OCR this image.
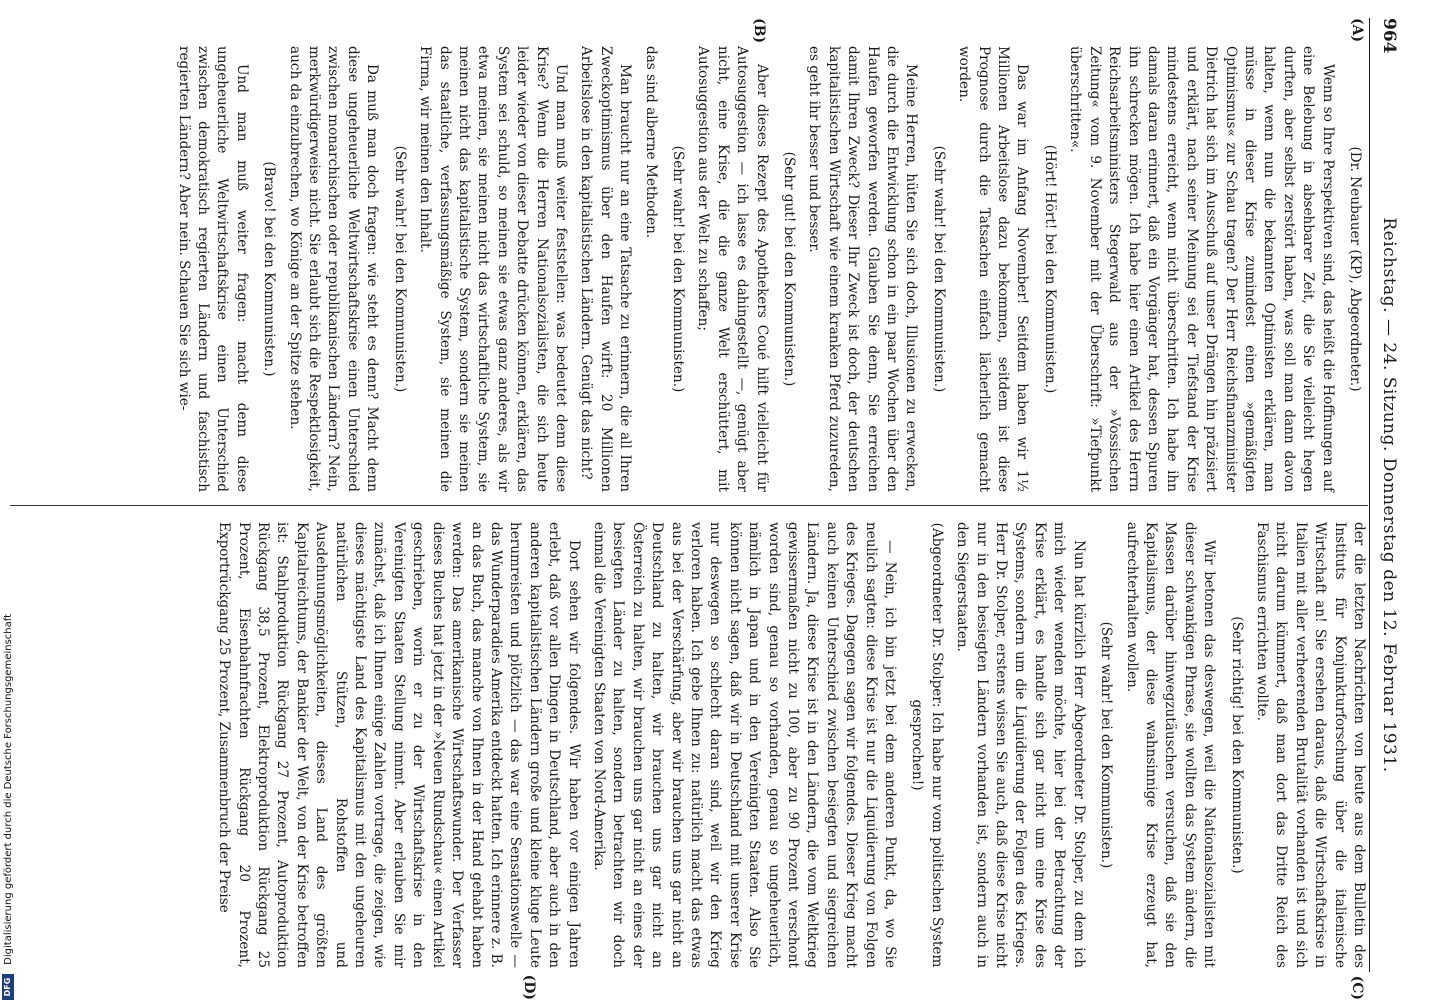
964
Reichstag. — 24. Sitzung. Donnerstag den 12. Februar 1931.
(A)
(B)

(Dr. Neubauer (KP), Abgeordneter.)

Wenn so Ihre Perspektiven sind, das heißt die Hoffnungen auf eine Belebung in absehbarer Zeit, die Sie vielleicht hegen durften, aber selbst zerstört haben, was soll man dann davon halten, wenn nun die bekannten Optimisten erklären, man müsse in dieser Krise zumindest einen »gemäßigten Optimismus« zur Schau tragen? Der Herr Reichsfinanzminister Dietrich hat sich im Ausschuß auf unser Drängen hin präzisiert und erklärt, nach seiner Meinung sei der Tiefstand der Krise mindestens erreicht, wenn nicht überschritten. Ich habe ihn damals daran erinnert, daß ein Vorgänger hat, dessen Spuren ihn schrecken mögen. Ich habe hier einen Artikel des Herrn Reichsarbeitsministers Stegerwald aus der »Vossischen Zeitung« vom 9. November mit der Überschrift: »Tiefpunkt überschritten«.

(Hört! Hört! bei den Kommunisten.)

Das war im Anfang November! Seitdem haben wir 1½ Millionen Arbeitslose dazu bekommen, seitdem ist diese Prognose durch die Tatsachen einfach lächerlich gemacht worden.

(Sehr wahr! bei den Kommunisten.)

Meine Herren, hüten Sie sich doch, Illusionen zu erwecken, die durch die Entwicklung schon in ein paar Wochen über den Haufen geworfen werden. Glauben Sie denn, Sie erreichen damit Ihren Zweck? Dieser Ihr Zweck ist doch, der deutschen kapitalistischen Wirtschaft wie einem kranken Pferd zuzureden, es geht ihr besser und besser.

(Sehr gut! bei den Kommunisten.)

Aber dieses Rezept des Apothekers Coué hilft vielleicht für Autosuggestion — ich lasse es dahingestellt —, genügt aber nicht, eine Krise, die die ganze Welt erschüttert, mit Autosuggestion aus der Welt zu schaffen;

(Sehr wahr! bei den Kommunisten.)

das sind albernе Methoden.

Man braucht nur an eine Tatsache zu erinnern, die all Ihren Zweckoptimismus über den Haufen wirft: 20 Millionen Arbeitslose in den kapitalistischen Ländern. Genügt das nicht?

Und man muß weiter feststellen: was bedeutet denn diese Krise? Wenn die Herren Nationalsozialisten, die sich heute leider wieder von dieser Debatte drücken können, erklären, das System sei schuld, so meinen sie etwas ganz anderes, als wir etwa meinen, sie meinen nicht das wirtschaftliche System, sie meinen nicht das kapitalistische System, sondern sie meinen das staatliche, verfassungsmäßige System, sie meinen die Firma, wir meinen den Inhalt.

(Sehr wahr! bei den Kommunisten.)

Da muß man doch fragen: wie steht es denn? Macht denn diese ungeheuerliche Weltwirtschaftskrise einen Unterschied zwischen monarchischen oder republikanischen Ländern? Nein, merkwürdigerweise nicht. Sie erlaubt sich die Respektlosigkeit, auch da einzubrechen, wo Könige an der Spitze stehen.

(Bravo! bei den Kommunisten.)

Und man muß weiter fragen: macht denn diese ungeheuerliche Weltwirtschaftskrise einen Unterschied zwischen demokratisch regierten Ländern und faschistisch regierten Ländern? Aber nein. Schauen Sie sich wie-

(C)
(D)

der die letzten Nachrichten von heute aus dem Bulletin des Instituts für Konjunkturforschung über die italienische Wirtschaft an! Sie ersehen daraus, daß die Wirtschaftskrise in Italien mit aller verheerenden Brutalität vorhanden ist und sich nicht darum kümmert, daß man dort das Dritte Reich des Faschismus errichten wollte.

(Sehr richtig! bei den Kommunisten.)

Wir betonen das deswegen, weil die Nationalsozialisten mit dieser schwankigen Phrase, sie wollten das System ändern, die Massen darüber hinwegzutäuschen versuchen, daß sie den Kapitalismus, der diese wahnsinnige Krise erzeugt hat, aufrechterhalten wollen.

(Sehr wahr! bei den Kommunisten.)

Nun hat kürzlich Herr Abgeordneter Dr. Stolper, zu dem ich mich wieder wenden möchte, hier bei der Betrachtung der Krise erklärt, es handle sich gar nicht um eine Krise des Systems, sondern um die Liquidierung der Folgen des Krieges. Herr Dr. Stolper, erstens wissen Sie auch, daß diese Krise nicht nur in den besiegten Ländern vorhanden ist, sondern auch in den Siegerstaaten.

(Abgeordneter Dr. Stolper: Ich habe nur vom politischen System gesprochen!)

— Nein, ich bin jetzt bei dem anderen Punkt, da, wo Sie neulich sagten: diese Krise ist nur die Liquidierung von Folgen des Krieges. Dagegen sagen wir folgendes. Dieser Krieg macht auch keinen Unterschied zwischen besiegten und siegreichen Ländern. Ja, diese Krise ist in den Ländern, die vom Weltkrieg gewissermaßen nicht zu 100, aber zu 90 Prozent verschont worden sind, genau so vorhanden, genau so ungeheuerlich, nämlich in Japan und in den Vereinigten Staaten. Also Sie können nicht sagen, daß wir in Deutschland mit unserer Krise nur deswegen so schlecht daran sind, weil wir den Krieg verloren haben. Ich gebe Ihnen zu: natürlich macht das etwas aus bei der Verschärfung, aber wir brauchen uns gar nicht an Deutschland zu halten, wir brauchen uns gar nicht an Österreich zu halten, wir brauchen uns gar nicht an eines der besiegten Länder zu halten, sondern betrachten wir doch einmal die Vereinigten Staaten von Nord-Amerika.

Dort sehen wir folgendes. Wir haben vor einigen Jahren erlebt, daß vor allen Dingen in Deutschland, aber auch in den anderen kapitalistischen Ländern große und kleine kluge Leute herumreisten und plötzlich — das war eine Sensationswelle — das Wunderparadies Amerika entdeckt hatten. Ich erinnere z. B. an das Buch, das manche von Ihnen in der Hand gehabt haben werden: Das amerikanische Wirtschaftswunder. Der Verfasser dieses Buches hat jetzt in der »Neuen Rundschau« einen Artikel geschrieben, worin er zu der Wirtschaftskrise in den Vereinigten Staaten Stellung nimmt. Aber erlauben Sie mir zunächst, daß ich Ihnen einige Zahlen vortrage, die zeigen, wie dieses mächtigste Land des Kapitalismus mit den ungeheuren natürlichen Stützen, Rohstoffen und Ausdehnungsmöglichkeiten, dieses Land des größten Kapitalreichtums, der Bankier der Welt, von der Krise betroffen ist: Stahlproduktion Rückgang 27 Prozent, Autoproduktion Rückgang 38,5 Prozent, Elektroproduktion Rückgang 25 Prozent, Eisenbahnfrachten Rückgang 20 Prozent, Exportrückgang 25 Prozent, Zusammenbruch der Preise

DFG Digitalisierung gefördert durch die Deutsche Forschungsgemeinschaft
